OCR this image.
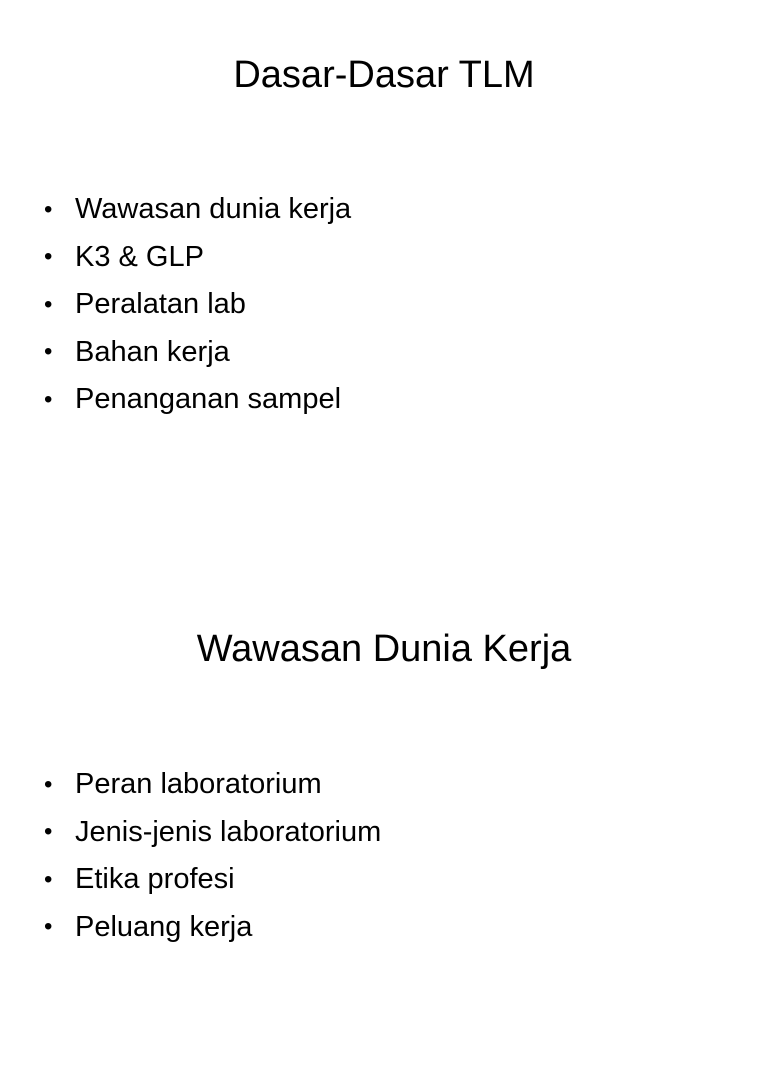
Dasar-Dasar TLM
• Wawasan dunia kerja
• K3 & GLP
• Peralatan lab
• Bahan kerja
• Penanganan sampel
Wawasan Dunia Kerja
• Peran laboratorium
• Jenis-jenis laboratorium
• Etika profesi
• Peluang kerja
